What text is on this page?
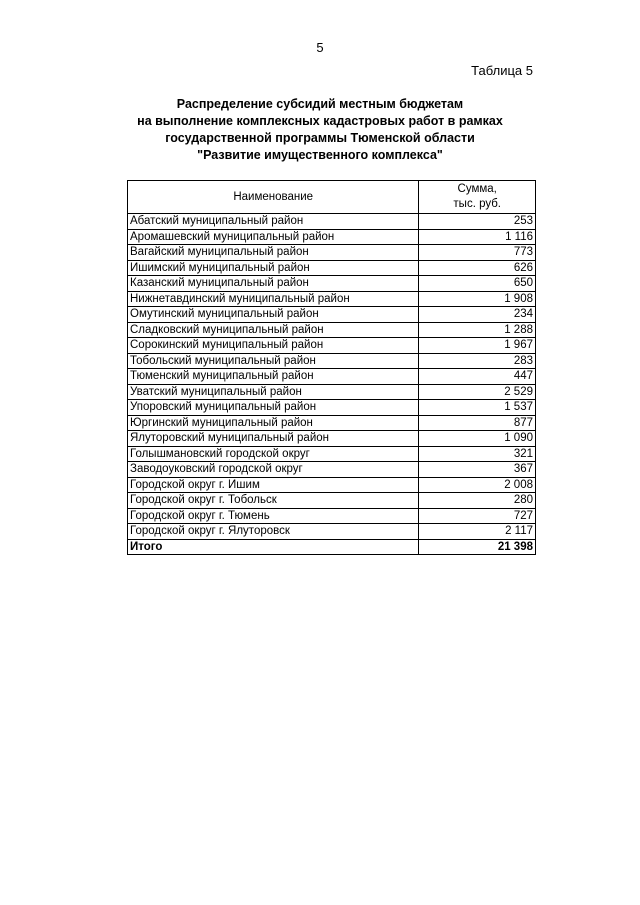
5
Таблица 5
Распределение субсидий местным бюджетам
на выполнение комплексных кадастровых работ в рамках
государственной программы Тюменской области
"Развитие имущественного комплекса"
Наименование	Сумма,
тыс. руб.

Абатский муниципальный район	253
Аромашевский муниципальный район	1 116
Вагайский муниципальный район	773
Ишимский муниципальный район	626
Казанский муниципальный район	650
Нижнетавдинский муниципальный район	1 908
Омутинский муниципальный район	234
Сладковский муниципальный район	1 288
Сорокинский муниципальный район	1 967
Тобольский муниципальный район	283
Тюменский муниципальный район	447
Уватский муниципальный район	2 529
Упоровский муниципальный район	1 537
Юргинский муниципальный район	877
Ялуторовский муниципальный район	1 090
Голышмановский городской округ	321
Заводоуковский городской округ	367
Городской округ г. Ишим	2 008
Городской округ г. Тобольск	280
Городской округ г. Тюмень	727
Городской округ г. Ялуторовск	2 117
Итого	21 398
